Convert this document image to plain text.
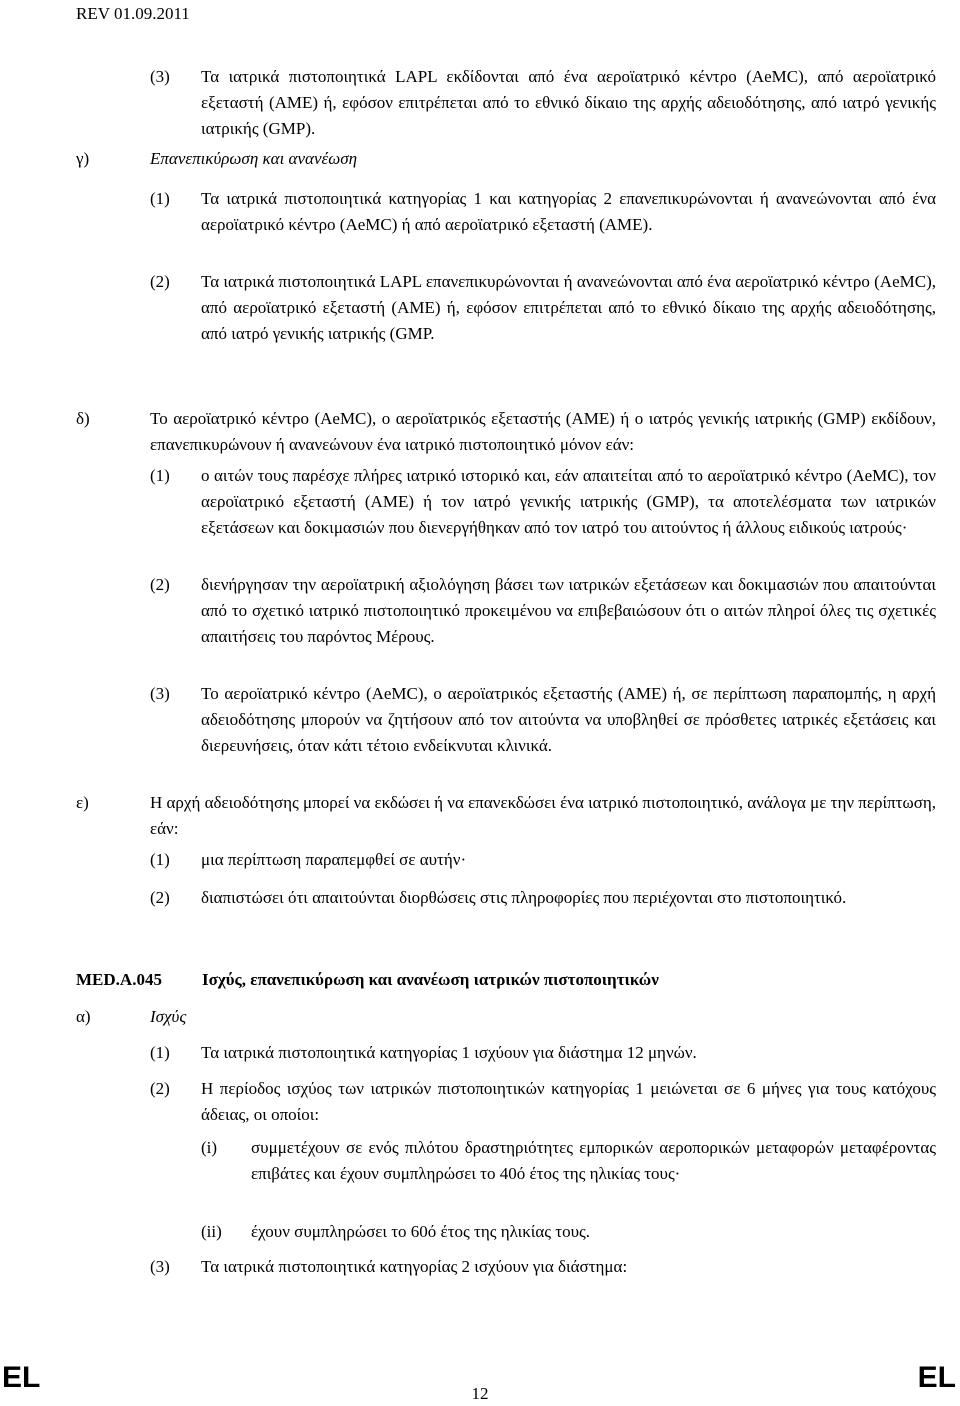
REV 01.09.2011
(3)	Τα ιατρικά πιστοποιητικά LAPL εκδίδονται από ένα αεροϊατρικό κέντρο (AeMC), από αεροϊατρικό εξεταστή (AME) ή, εφόσον επιτρέπεται από το εθνικό δίκαιο της αρχής αδειοδότησης, από ιατρό γενικής ιατρικής (GMP).
γ)	Επανεπικύρωση και ανανέωση
(1)	Τα ιατρικά πιστοποιητικά κατηγορίας 1 και κατηγορίας 2 επανεπικυρώνονται ή ανανεώνονται από ένα αεροϊατρικό κέντρο (AeMC) ή από αεροϊατρικό εξεταστή (AME).
(2)	Τα ιατρικά πιστοποιητικά LAPL επανεπικυρώνονται ή ανανεώνονται από ένα αεροϊατρικό κέντρο (AeMC), από αεροϊατρικό εξεταστή (AME) ή, εφόσον επιτρέπεται από το εθνικό δίκαιο της αρχής αδειοδότησης, από ιατρό γενικής ιατρικής (GMP.
δ)	Το αεροϊατρικό κέντρο (AeMC), ο αεροϊατρικός εξεταστής (AME) ή ο ιατρός γενικής ιατρικής (GMP) εκδίδουν, επανεπικυρώνουν ή ανανεώνουν ένα ιατρικό πιστοποιητικό μόνον εάν:
(1)	ο αιτών τους παρέσχε πλήρες ιατρικό ιστορικό και, εάν απαιτείται από το αεροϊατρικό κέντρο (AeMC), τον αεροϊατρικό εξεταστή (AME) ή τον ιατρό γενικής ιατρικής (GMP), τα αποτελέσματα των ιατρικών εξετάσεων και δοκιμασιών που διενεργήθηκαν από τον ιατρό του αιτούντος ή άλλους ειδικούς ιατρούς·
(2)	διενήργησαν την αεροϊατρική αξιολόγηση βάσει των ιατρικών εξετάσεων και δοκιμασιών που απαιτούνται από το σχετικό ιατρικό πιστοποιητικό προκειμένου να επιβεβαιώσουν ότι ο αιτών πληροί όλες τις σχετικές απαιτήσεις του παρόντος Μέρους.
(3)	Το αεροϊατρικό κέντρο (AeMC), ο αεροϊατρικός εξεταστής (AME) ή, σε περίπτωση παραπομπής, η αρχή αδειοδότησης μπορούν να ζητήσουν από τον αιτούντα να υποβληθεί σε πρόσθετες ιατρικές εξετάσεις και διερευνήσεις, όταν κάτι τέτοιο ενδείκνυται κλινικά.
ε)	Η αρχή αδειοδότησης μπορεί να εκδώσει ή να επανεκδώσει ένα ιατρικό πιστοποιητικό, ανάλογα με την περίπτωση, εάν:
(1)	μια περίπτωση παραπεμφθεί σε αυτήν·
(2)	διαπιστώσει ότι απαιτούνται διορθώσεις στις πληροφορίες που περιέχονται στο πιστοποιητικό.
MED.A.045	Ισχύς, επανεπικύρωση και ανανέωση ιατρικών πιστοποιητικών
α)	Ισχύς
(1)	Τα ιατρικά πιστοποιητικά κατηγορίας 1 ισχύουν για διάστημα 12 μηνών.
(2)	Η περίοδος ισχύος των ιατρικών πιστοποιητικών κατηγορίας 1 μειώνεται σε 6 μήνες για τους κατόχους άδειας, οι οποίοι:
(i)	συμμετέχουν σε ενός πιλότου δραστηριότητες εμπορικών αεροπορικών μεταφορών μεταφέροντας επιβάτες και έχουν συμπληρώσει το 40ό έτος της ηλικίας τους·
(ii)	έχουν συμπληρώσει το 60ό έτος της ηλικίας τους.
(3)	Τα ιατρικά πιστοποιητικά κατηγορίας 2 ισχύουν για διάστημα:
EL	12	EL
